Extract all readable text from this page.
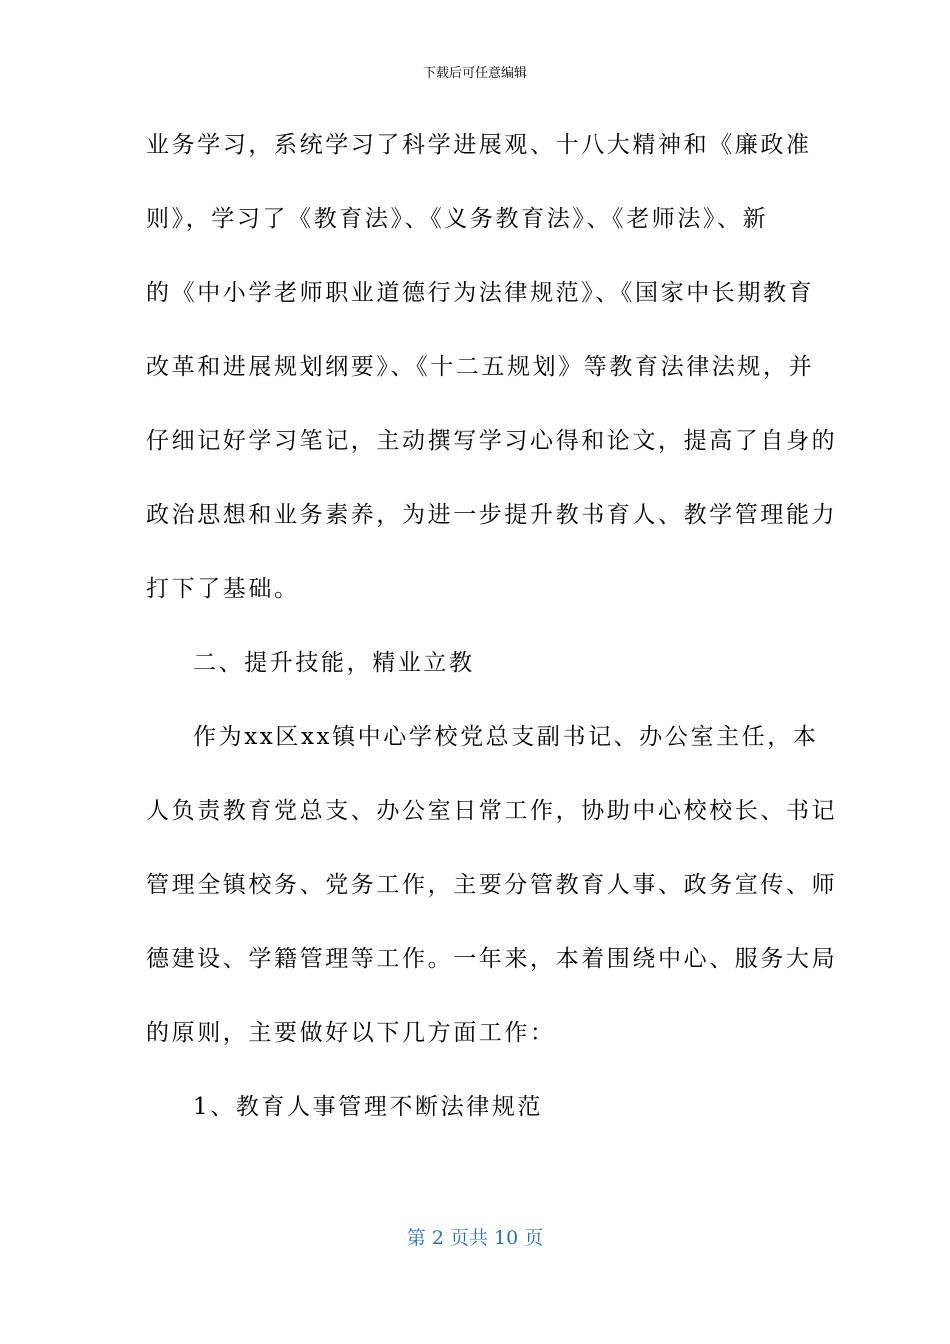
下载后可任意编辑
业务学习，系统学习了科学进展观、十八大精神和《廉政准
则》，学习了《教育法》、《义务教育法》、《老师法》、新
的《中小学老师职业道德行为法律规范》、《国家中长期教育
改革和进展规划纲要》、《十二五规划》等教育法律法规，并
仔细记好学习笔记，主动撰写学习心得和论文，提高了自身的
政治思想和业务素养，为进一步提升教书育人、教学管理能力
打下了基础。
二、提升技能，精业立教
作为xx区xx镇中心学校党总支副书记、办公室主任，本
人负责教育党总支、办公室日常工作，协助中心校校长、书记
管理全镇校务、党务工作，主要分管教育人事、政务宣传、师
德建设、学籍管理等工作。一年来，本着围绕中心、服务大局
的原则，主要做好以下几方面工作：
1、教育人事管理不断法律规范
第 2 页共 10 页
